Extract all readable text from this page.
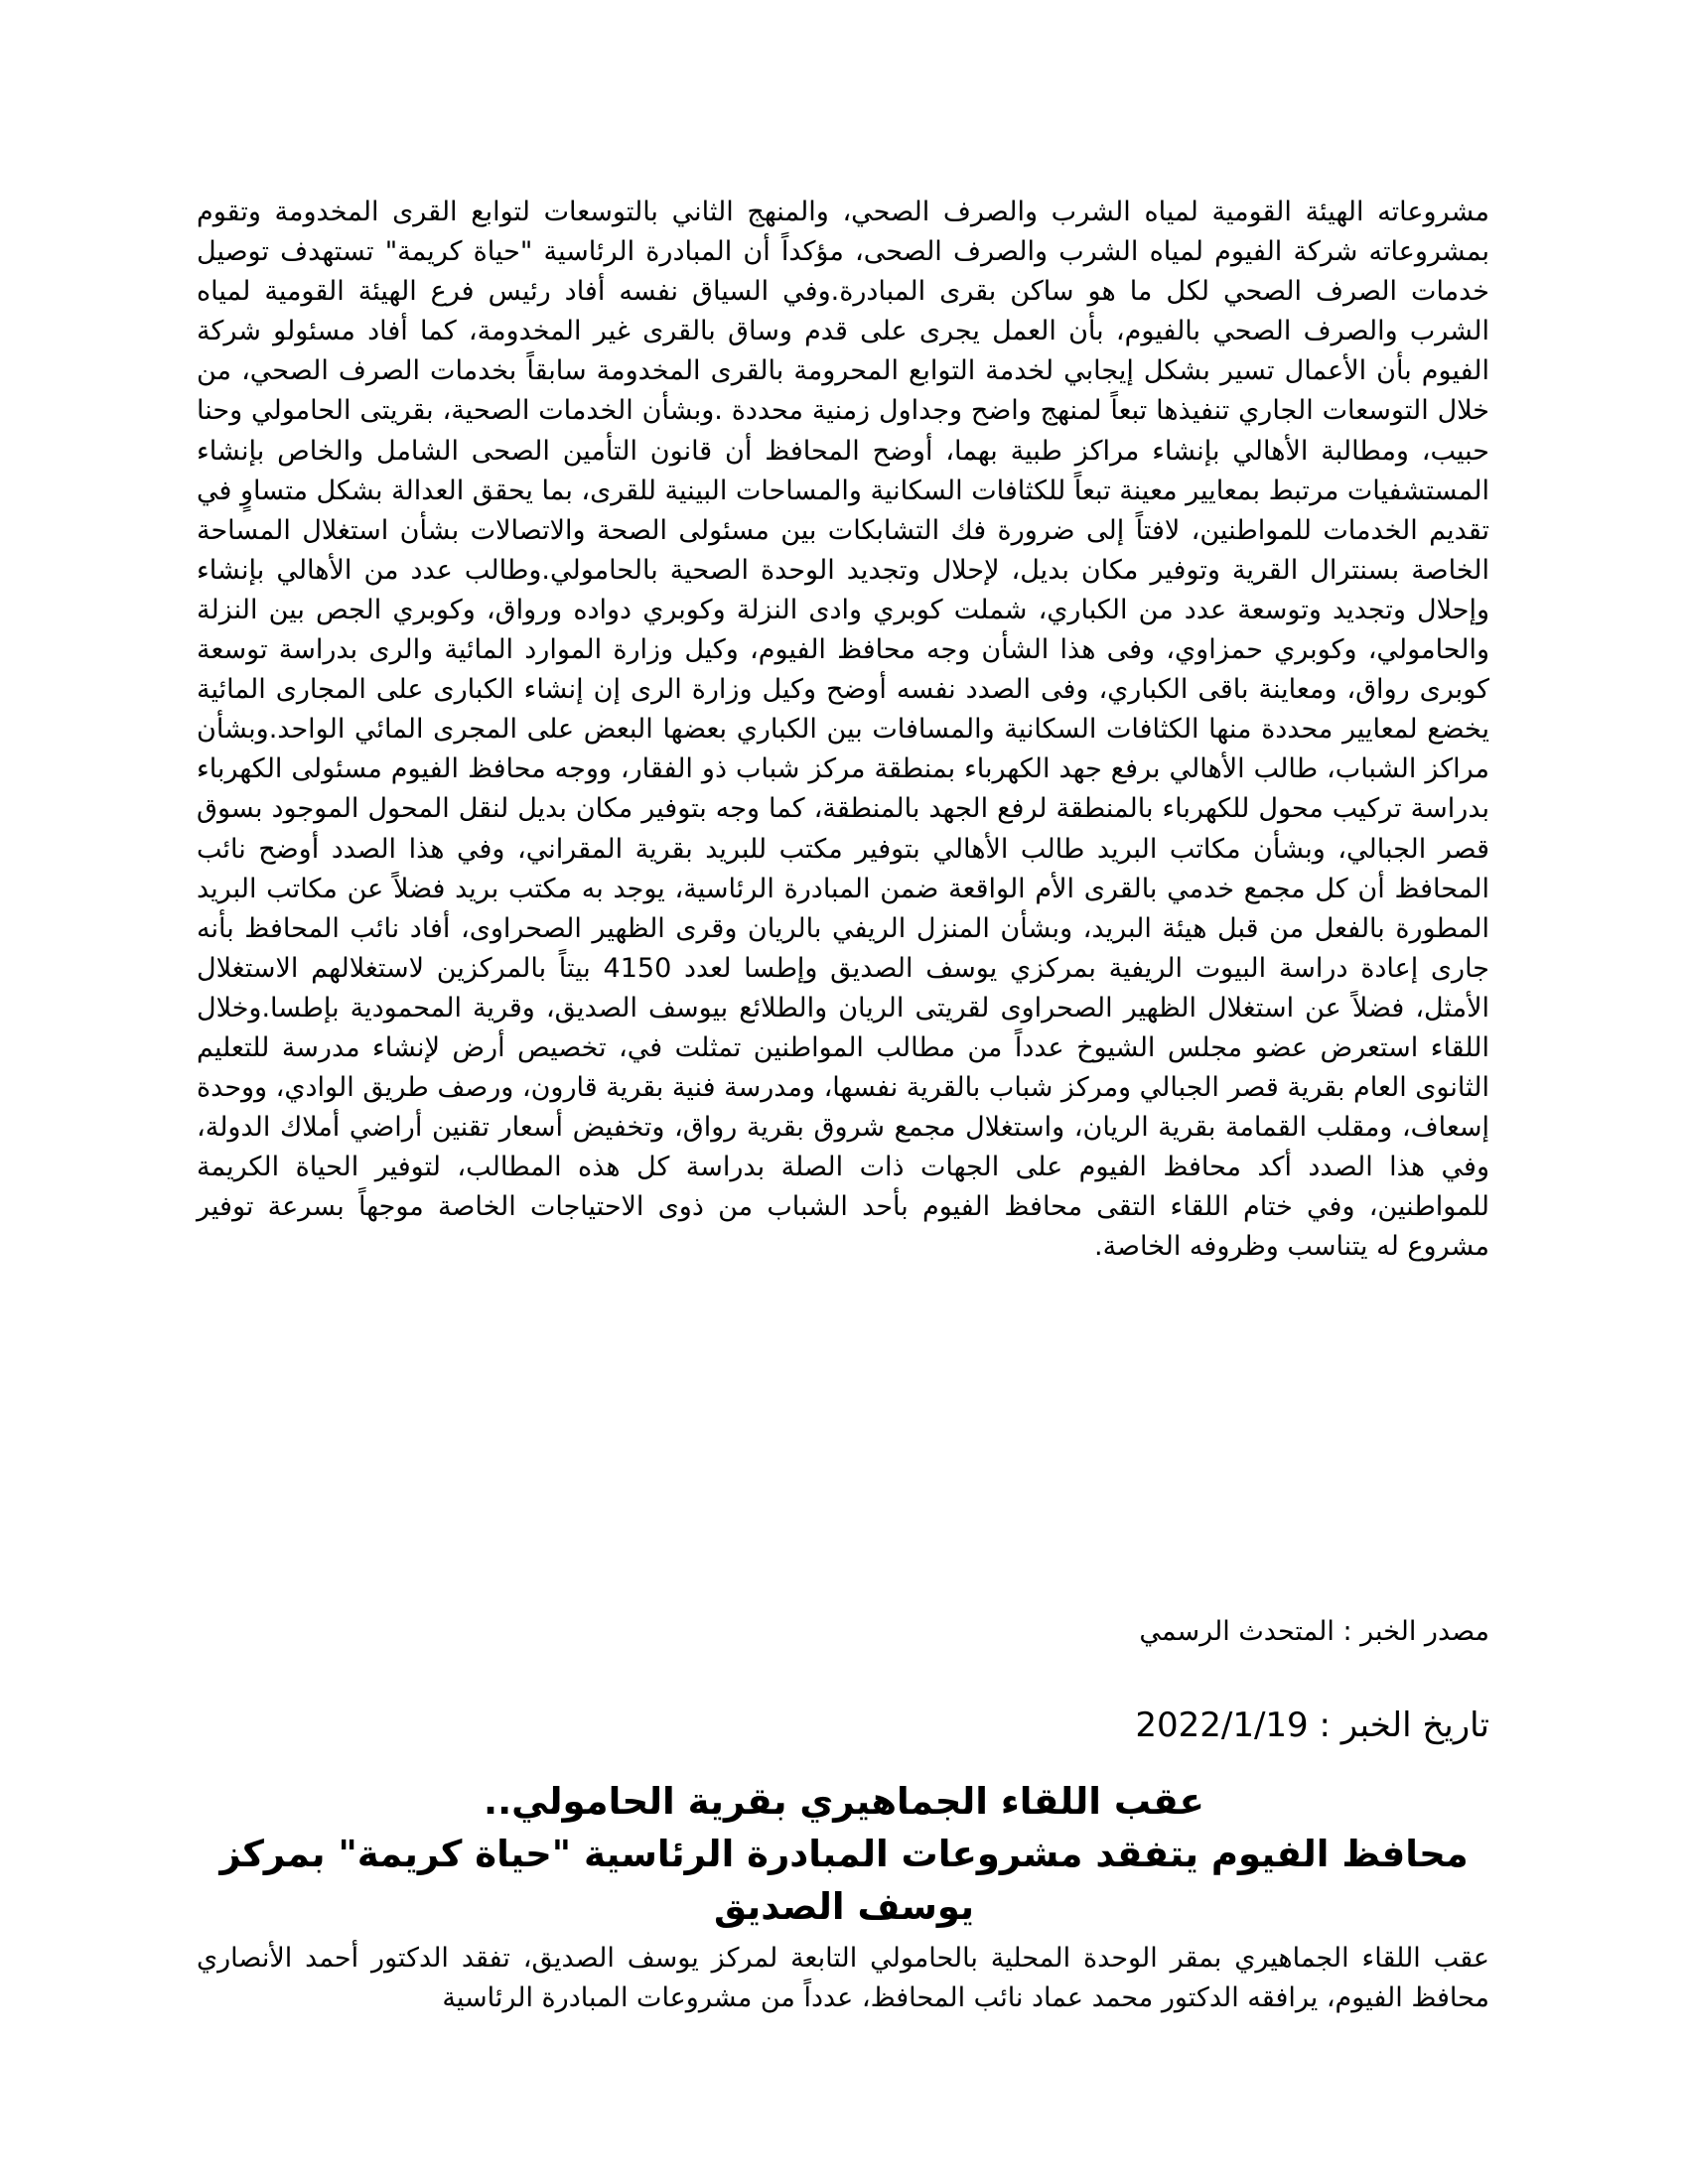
مشروعاته الهيئة القومية لمياه الشرب والصرف الصحي، والمنهج الثاني بالتوسعات لتوابع القرى المخدومة وتقوم بمشروعاته شركة الفيوم لمياه الشرب والصرف الصحى، مؤكداً أن المبادرة الرئاسية "حياة كريمة" تستهدف توصيل خدمات الصرف الصحي لكل ما هو ساكن بقرى المبادرة.وفي السياق نفسه أفاد رئيس فرع الهيئة القومية لمياه الشرب والصرف الصحي بالفيوم، بأن العمل يجرى على قدم وساق بالقرى غير المخدومة، كما أفاد مسئولو شركة الفيوم بأن الأعمال تسير بشكل إيجابي لخدمة التوابع المحرومة بالقرى المخدومة سابقاً بخدمات الصرف الصحي، من خلال التوسعات الجاري تنفيذها تبعاً لمنهج واضح وجداول زمنية محددة .وبشأن الخدمات الصحية، بقريتى الحامولي وحنا حبيب، ومطالبة الأهالي بإنشاء مراكز طبية بهما، أوضح المحافظ أن قانون التأمين الصحى الشامل والخاص بإنشاء المستشفيات مرتبط بمعايير معينة تبعاً للكثافات السكانية والمساحات البينية للقرى، بما يحقق العدالة بشكل متساوٍ في تقديم الخدمات للمواطنين، لافتاً إلى ضرورة فك التشابكات بين مسئولى الصحة والاتصالات بشأن استغلال المساحة الخاصة بسنترال القرية وتوفير مكان بديل، لإحلال وتجديد الوحدة الصحية بالحامولي.وطالب عدد من الأهالي بإنشاء وإحلال وتجديد وتوسعة عدد من الكباري، شملت كوبري وادى النزلة وكوبري دواده ورواق، وكوبري الجص بين النزلة والحامولي، وكوبري حمزاوي، وفى هذا الشأن وجه محافظ الفيوم، وكيل وزارة الموارد المائية والرى بدراسة توسعة كوبرى رواق، ومعاينة باقى الكباري، وفى الصدد نفسه أوضح وكيل وزارة الرى إن إنشاء الكبارى على المجارى المائية يخضع لمعايير محددة منها الكثافات السكانية والمسافات بين الكباري بعضها البعض على المجرى المائي الواحد.وبشأن مراكز الشباب، طالب الأهالي برفع جهد الكهرباء بمنطقة مركز شباب ذو الفقار، ووجه محافظ الفيوم مسئولى الكهرباء بدراسة تركيب محول للكهرباء بالمنطقة لرفع الجهد بالمنطقة، كما وجه بتوفير مكان بديل لنقل المحول الموجود بسوق قصر الجبالي، وبشأن مكاتب البريد طالب الأهالي بتوفير مكتب للبريد بقرية المقراني، وفي هذا الصدد أوضح نائب المحافظ أن كل مجمع خدمي بالقرى الأم الواقعة ضمن المبادرة الرئاسية، يوجد به مكتب بريد فضلاً عن مكاتب البريد المطورة بالفعل من قبل هيئة البريد، وبشأن المنزل الريفي بالريان وقرى الظهير الصحراوى، أفاد نائب المحافظ بأنه جارى إعادة دراسة البيوت الريفية بمركزي يوسف الصديق وإطسا لعدد 4150 بيتاً بالمركزين لاستغلالهم الاستغلال الأمثل، فضلاً عن استغلال الظهير الصحراوى لقريتى الريان والطلائع بيوسف الصديق، وقرية المحمودية بإطسا.وخلال اللقاء استعرض عضو مجلس الشيوخ عدداً من مطالب المواطنين تمثلت في، تخصيص أرض لإنشاء مدرسة للتعليم الثانوى العام بقرية قصر الجبالي ومركز شباب بالقرية نفسها، ومدرسة فنية بقرية قارون، ورصف طريق الوادي، ووحدة إسعاف، ومقلب القمامة بقرية الريان، واستغلال مجمع شروق بقرية رواق، وتخفيض أسعار تقنين أراضي أملاك الدولة، وفي هذا الصدد أكد محافظ الفيوم على الجهات ذات الصلة بدراسة كل هذه المطالب، لتوفير الحياة الكريمة للمواطنين، وفي ختام اللقاء التقى محافظ الفيوم بأحد الشباب من ذوى الاحتياجات الخاصة موجهاً بسرعة توفير مشروع له يتناسب وظروفه الخاصة.

مصدر الخبر : المتحدث الرسمي

تاريخ الخبر : 2022/1/19

عقب اللقاء الجماهيري بقرية الحامولي..
محافظ الفيوم يتفقد مشروعات المبادرة الرئاسية "حياة كريمة" بمركز يوسف الصديق

عقب اللقاء الجماهيري بمقر الوحدة المحلية بالحامولي التابعة لمركز يوسف الصديق، تفقد الدكتور أحمد الأنصاري محافظ الفيوم، يرافقه الدكتور محمد عماد نائب المحافظ، عدداً من مشروعات المبادرة الرئاسية
